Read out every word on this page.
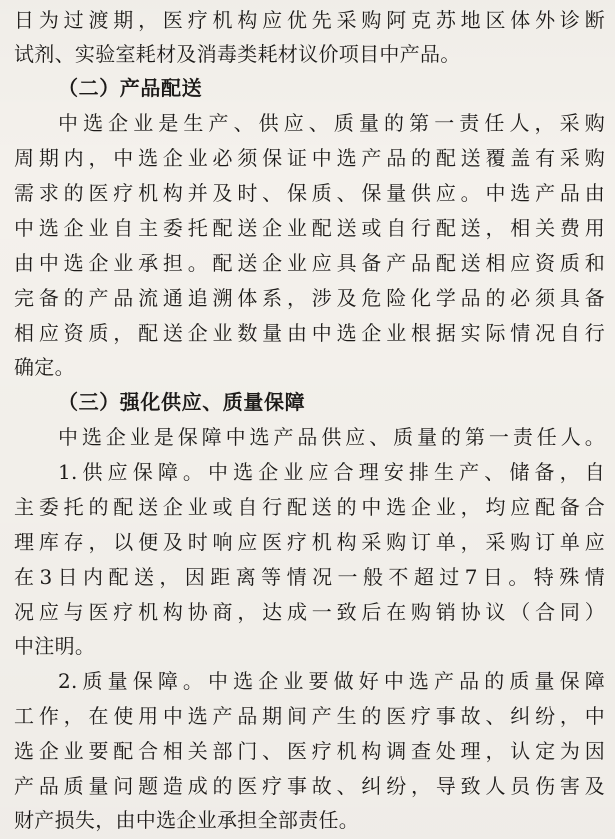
日为过渡期，医疗机构应优先采购阿克苏地区体外诊断
试剂、实验室耗材及消毒类耗材议价项目中产品。
（二）产品配送
中选企业是生产、供应、质量的第一责任人，采购
周期内，中选企业必须保证中选产品的配送覆盖有采购
需求的医疗机构并及时、保质、保量供应。中选产品由
中选企业自主委托配送企业配送或自行配送，相关费用
由中选企业承担。配送企业应具备产品配送相应资质和
完备的产品流通追溯体系，涉及危险化学品的必须具备
相应资质，配送企业数量由中选企业根据实际情况自行
确定。
（三）强化供应、质量保障
中选企业是保障中选产品供应、质量的第一责任人。
1.供应保障。中选企业应合理安排生产、储备，自
主委托的配送企业或自行配送的中选企业，均应配备合
理库存，以便及时响应医疗机构采购订单，采购订单应
在3日内配送，因距离等情况一般不超过7日。特殊情
况应与医疗机构协商，达成一致后在购销协议（合同）
中注明。
2.质量保障。中选企业要做好中选产品的质量保障
工作，在使用中选产品期间产生的医疗事故、纠纷，中
选企业要配合相关部门、医疗机构调查处理，认定为因
产品质量问题造成的医疗事故、纠纷，导致人员伤害及
财产损失，由中选企业承担全部责任。
